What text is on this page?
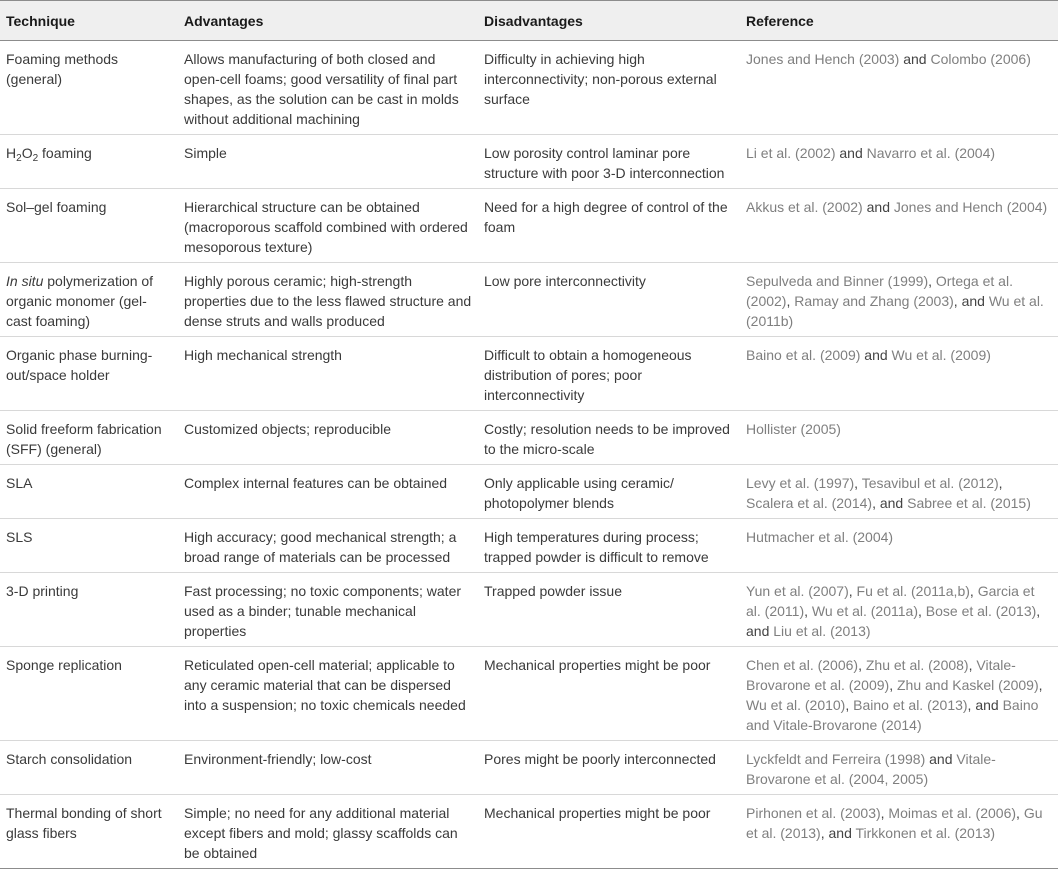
Technique	Advantages	Disadvantages	Reference
Foaming methods (general)	Allows manufacturing of both closed and open-cell foams; good versatility of final part shapes, as the solution can be cast in molds without additional machining	Difficulty in achieving high interconnectivity; non-porous external surface	Jones and Hench (2003) and Colombo (2006)
$H_2O_2$ foaming	Simple	Low porosity control laminar pore structure with poor 3-D interconnection	Li et al. (2002) and Navarro et al. (2004)
Sol–gel foaming	Hierarchical structure can be obtained (macroporous scaffold combined with ordered mesoporous texture)	Need for a high degree of control of the foam	Akkus et al. (2002) and Jones and Hench (2004)
In situ polymerization of organic monomer (gel-cast foaming)	Highly porous ceramic; high-strength properties due to the less flawed structure and dense struts and walls produced	Low pore interconnectivity	Sepulveda and Binner (1999), Ortega et al. (2002), Ramay and Zhang (2003), and Wu et al. (2011b)
Organic phase burning-out/space holder	High mechanical strength	Difficult to obtain a homogeneous distribution of pores; poor interconnectivity	Baino et al. (2009) and Wu et al. (2009)
Solid freeform fabrication (SFF) (general)	Customized objects; reproducible	Costly; resolution needs to be improved to the micro-scale	Hollister (2005)
SLA	Complex internal features can be obtained	Only applicable using ceramic/ photopolymer blends	Levy et al. (1997), Tesavibul et al. (2012), Scalera et al. (2014), and Sabree et al. (2015)
SLS	High accuracy; good mechanical strength; a broad range of materials can be processed	High temperatures during process; trapped powder is difficult to remove	Hutmacher et al. (2004)
3-D printing	Fast processing; no toxic components; water used as a binder; tunable mechanical properties	Trapped powder issue	Yun et al. (2007), Fu et al. (2011a,b), Garcia et al. (2011), Wu et al. (2011a), Bose et al. (2013), and Liu et al. (2013)
Sponge replication	Reticulated open-cell material; applicable to any ceramic material that can be dispersed into a suspension; no toxic chemicals needed	Mechanical properties might be poor	Chen et al. (2006), Zhu et al. (2008), Vitale-Brovarone et al. (2009), Zhu and Kaskel (2009), Wu et al. (2010), Baino et al. (2013), and Baino and Vitale-Brovarone (2014)
Starch consolidation	Environment-friendly; low-cost	Pores might be poorly interconnected	Lyckfeldt and Ferreira (1998) and Vitale-Brovarone et al. (2004, 2005)
Thermal bonding of short glass fibers	Simple; no need for any additional material except fibers and mold; glassy scaffolds can be obtained	Mechanical properties might be poor	Pirhonen et al. (2003), Moimas et al. (2006), Gu et al. (2013), and Tirkkonen et al. (2013)
